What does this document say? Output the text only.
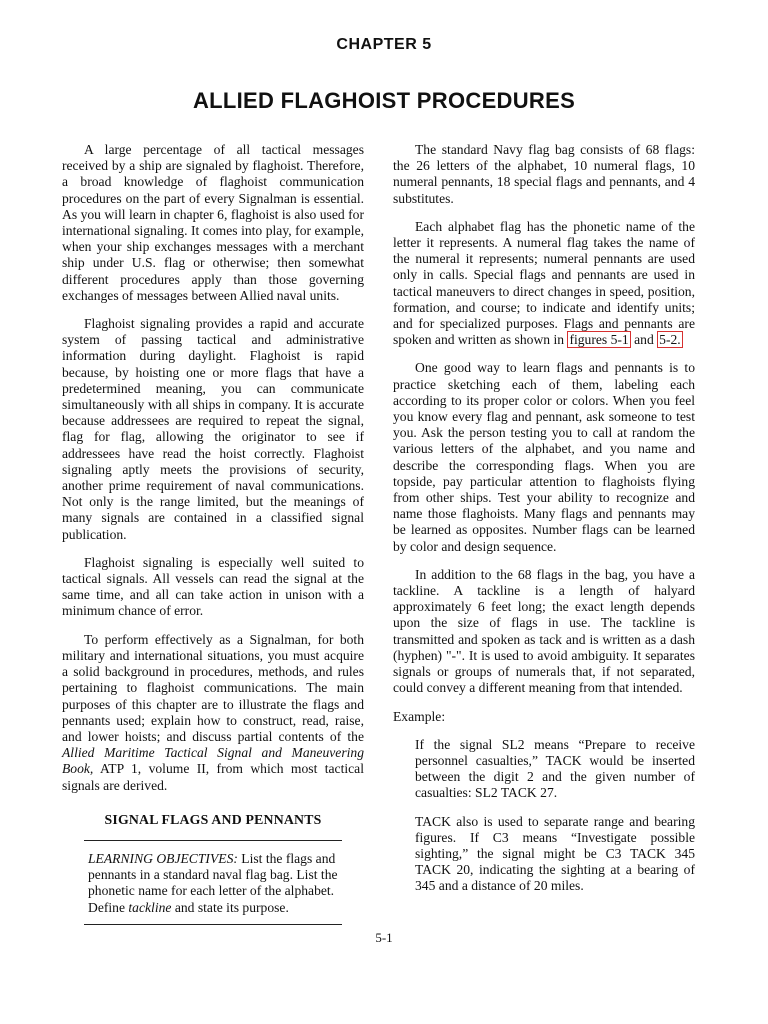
CHAPTER 5
ALLIED FLAGHOIST PROCEDURES

A large percentage of all tactical messages received by a ship are signaled by flaghoist. Therefore, a broad knowledge of flaghoist communication procedures on the part of every Signalman is essential. As you will learn in chapter 6, flaghoist is also used for international signaling. It comes into play, for example, when your ship exchanges messages with a merchant ship under U.S. flag or otherwise; then somewhat different procedures apply than those governing exchanges of messages between Allied naval units.

Flaghoist signaling provides a rapid and accurate system of passing tactical and administrative information during daylight. Flaghoist is rapid because, by hoisting one or more flags that have a predetermined meaning, you can communicate simultaneously with all ships in company. It is accurate because addressees are required to repeat the signal, flag for flag, allowing the originator to see if addressees have read the hoist correctly. Flaghoist signaling aptly meets the provisions of security, another prime requirement of naval communications. Not only is the range limited, but the meanings of many signals are contained in a classified signal publication.

Flaghoist signaling is especially well suited to tactical signals. All vessels can read the signal at the same time, and all can take action in unison with a minimum chance of error.

To perform effectively as a Signalman, for both military and international situations, you must acquire a solid background in procedures, methods, and rules pertaining to flaghoist communications. The main purposes of this chapter are to illustrate the flags and pennants used; explain how to construct, read, raise, and lower hoists; and discuss partial contents of the Allied Maritime Tactical Signal and Maneuvering Book, ATP 1, volume II, from which most tactical signals are derived.

SIGNAL FLAGS AND PENNANTS

LEARNING OBJECTIVES: List the flags and pennants in a standard naval flag bag. List the phonetic name for each letter of the alphabet. Define tackline and state its purpose.

The standard Navy flag bag consists of 68 flags: the 26 letters of the alphabet, 10 numeral flags, 10 numeral pennants, 18 special flags and pennants, and 4 substitutes.

Each alphabet flag has the phonetic name of the letter it represents. A numeral flag takes the name of the numeral it represents; numeral pennants are used only in calls. Special flags and pennants are used in tactical maneuvers to direct changes in speed, position, formation, and course; to indicate and identify units; and for specialized purposes. Flags and pennants are spoken and written as shown in figures 5-1 and 5-2.

One good way to learn flags and pennants is to practice sketching each of them, labeling each according to its proper color or colors. When you feel you know every flag and pennant, ask someone to test you. Ask the person testing you to call at random the various letters of the alphabet, and you name and describe the corresponding flags. When you are topside, pay particular attention to flaghoists flying from other ships. Test your ability to recognize and name those flaghoists. Many flags and pennants may be learned as opposites. Number flags can be learned by color and design sequence.

In addition to the 68 flags in the bag, you have a tackline. A tackline is a length of halyard approximately 6 feet long; the exact length depends upon the size of flags in use. The tackline is transmitted and spoken as tack and is written as a dash (hyphen) "-". It is used to avoid ambiguity. It separates signals or groups of numerals that, if not separated, could convey a different meaning from that intended.

Example:

If the signal SL2 means “Prepare to receive personnel casualties,” TACK would be inserted between the digit 2 and the given number of casualties: SL2 TACK 27.

TACK also is used to separate range and bearing figures. If C3 means “Investigate possible sighting,” the signal might be C3 TACK 345 TACK 20, indicating the sighting at a bearing of 345 and a distance of 20 miles.

5-1
